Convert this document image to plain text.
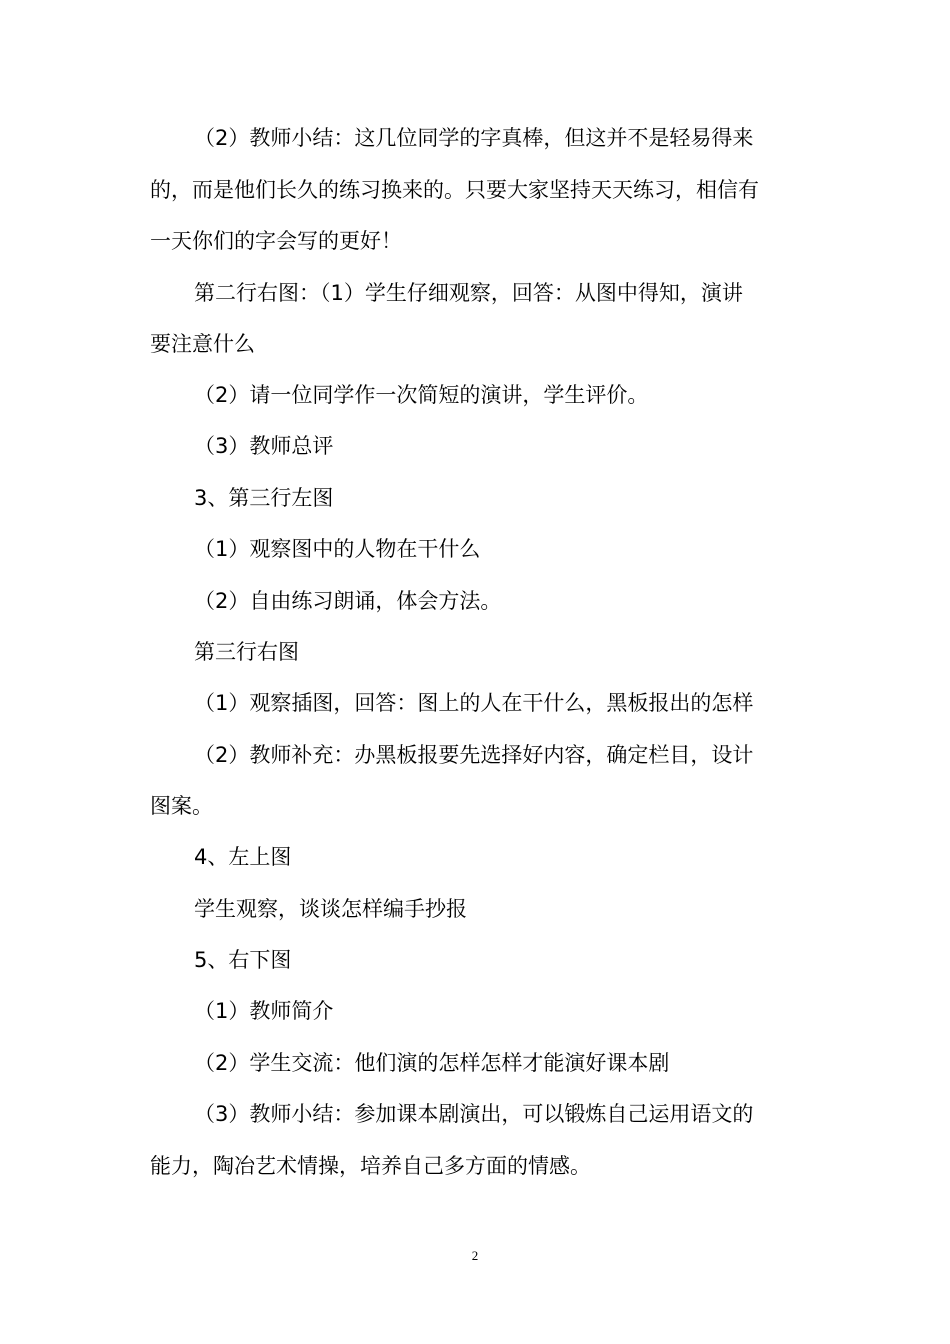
（2）教师小结：这几位同学的字真棒，但这并不是轻易得来
的，而是他们长久的练习换来的。只要大家坚持天天练习，相信有
一天你们的字会写的更好！
第二行右图：（1）学生仔细观察，回答：从图中得知，演讲
要注意什么
（2）请一位同学作一次简短的演讲，学生评价。
（3）教师总评
3、第三行左图
（1）观察图中的人物在干什么
（2）自由练习朗诵，体会方法。
第三行右图
（1）观察插图，回答：图上的人在干什么，黑板报出的怎样
（2）教师补充：办黑板报要先选择好内容，确定栏目，设计
图案。
4、左上图
学生观察，谈谈怎样编手抄报
5、右下图
（1）教师简介
（2）学生交流：他们演的怎样怎样才能演好课本剧
（3）教师小结：参加课本剧演出，可以锻炼自己运用语文的
能力，陶冶艺术情操，培养自己多方面的情感。
2
